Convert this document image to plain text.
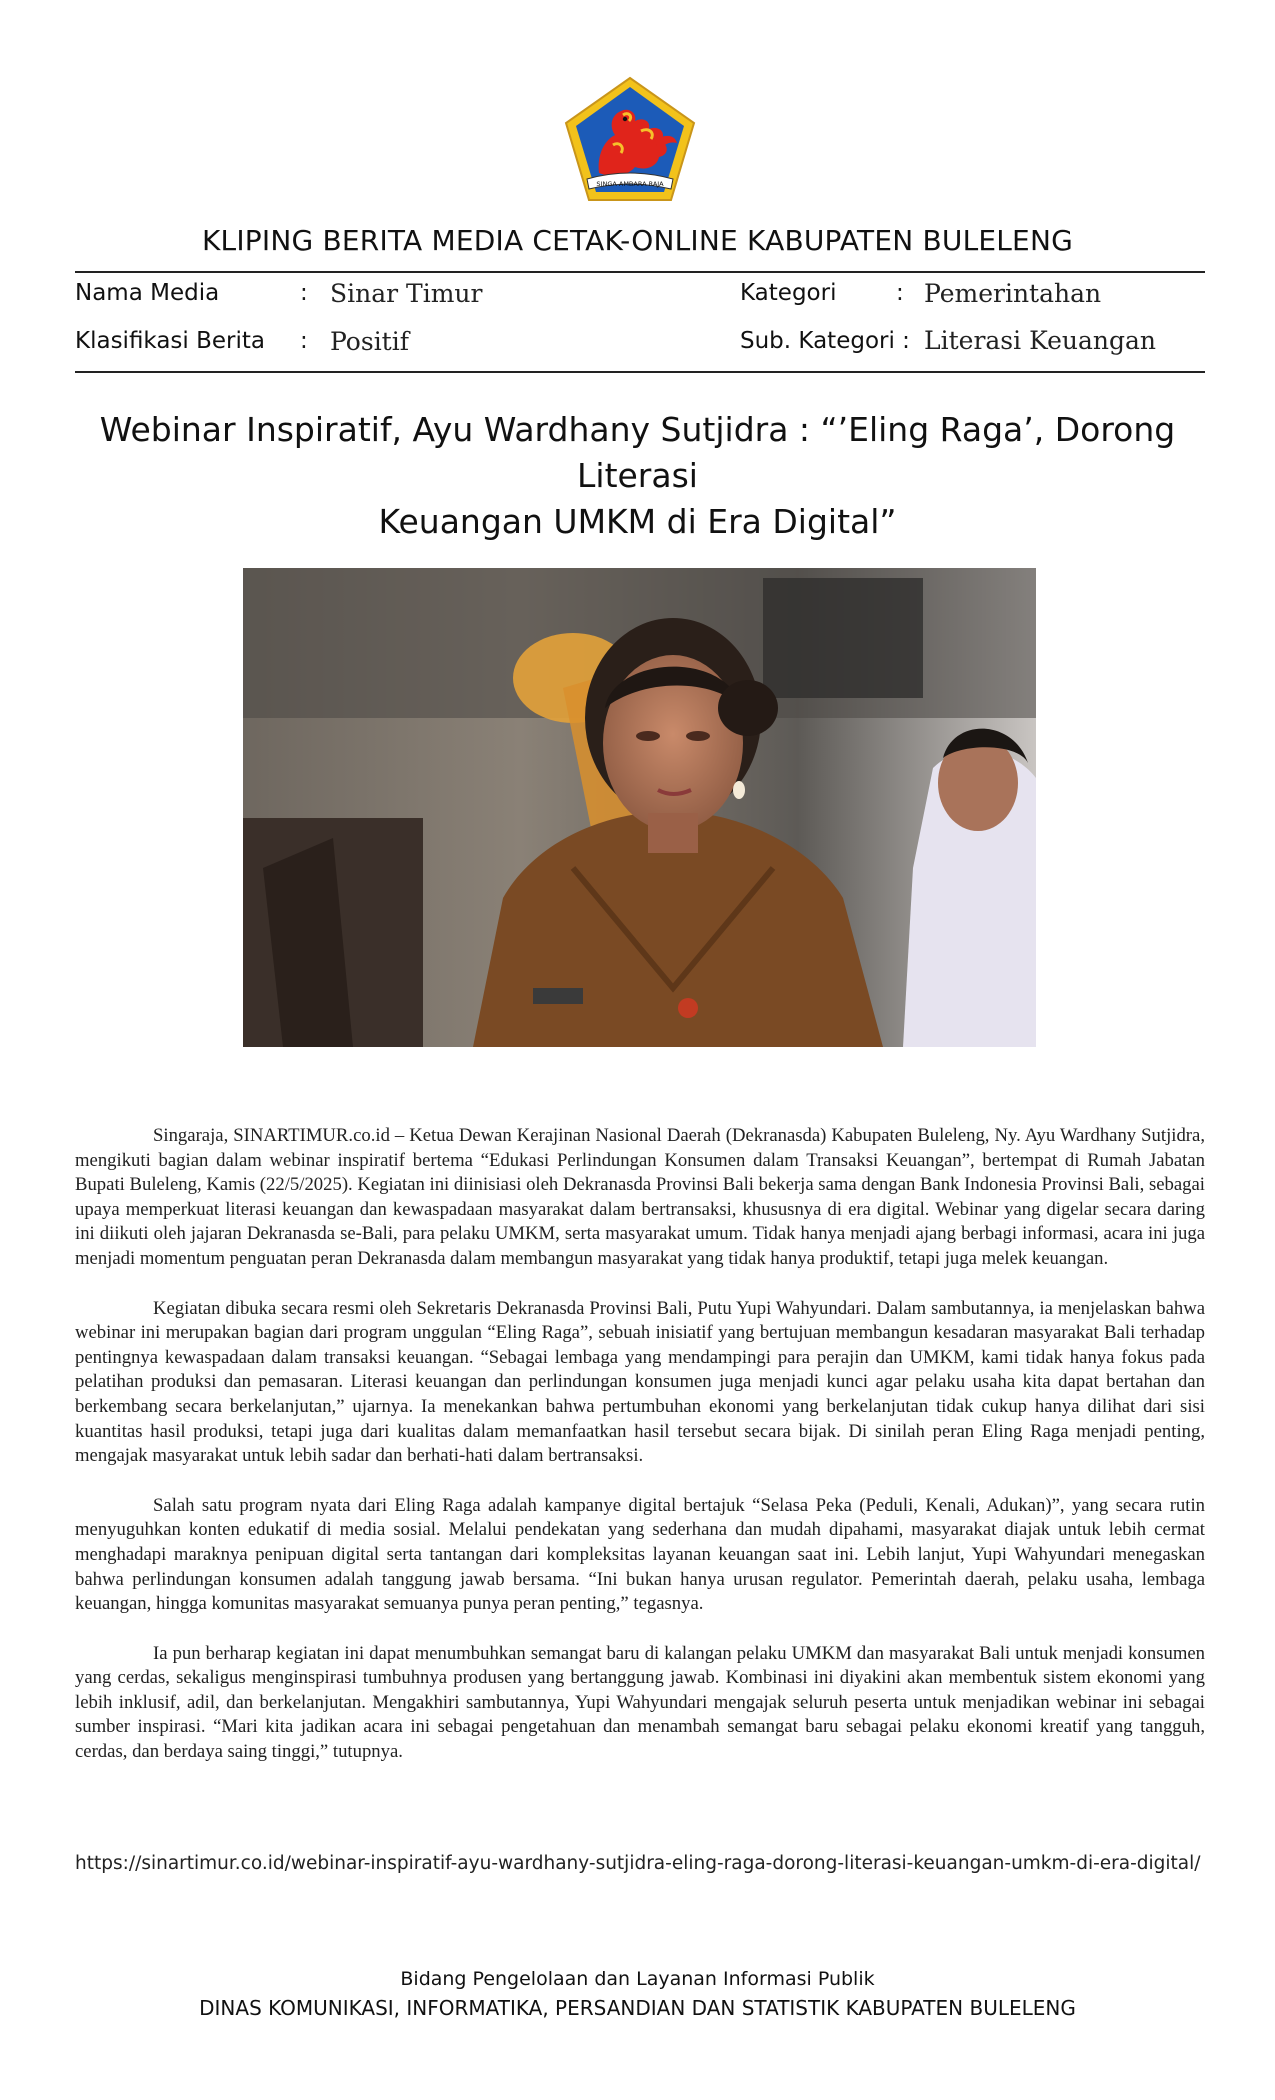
SINGA AMBARA RAJA
KLIPING BERITA MEDIA CETAK-ONLINE KABUPATEN BULELENG
Nama Media	: Sinar Timur
Klasifikasi Berita : Positif
Kategori	: Pemerintahan
Sub. Kategori : Literasi Keuangan
Webinar Inspiratif, Ayu Wardhany Sutjidra : “’Eling Raga’, Dorong Literasi
Keuangan UMKM di Era Digital”

Singaraja, SINARTIMUR.co.id – Ketua Dewan Kerajinan Nasional Daerah (Dekranasda) Kabupaten Buleleng, Ny. Ayu Wardhany Sutjidra, mengikuti bagian dalam webinar inspiratif bertema “Edukasi Perlindungan Konsumen dalam Transaksi Keuangan”, bertempat di Rumah Jabatan Bupati Buleleng, Kamis (22/5/2025). Kegiatan ini diinisiasi oleh Dekranasda Provinsi Bali bekerja sama dengan Bank Indonesia Provinsi Bali, sebagai upaya memperkuat literasi keuangan dan kewaspadaan masyarakat dalam bertransaksi, khususnya di era digital. Webinar yang digelar secara daring ini diikuti oleh jajaran Dekranasda se-Bali, para pelaku UMKM, serta masyarakat umum. Tidak hanya menjadi ajang berbagi informasi, acara ini juga menjadi momentum penguatan peran Dekranasda dalam membangun masyarakat yang tidak hanya produktif, tetapi juga melek keuangan.

Kegiatan dibuka secara resmi oleh Sekretaris Dekranasda Provinsi Bali, Putu Yupi Wahyundari. Dalam sambutannya, ia menjelaskan bahwa webinar ini merupakan bagian dari program unggulan “Eling Raga”, sebuah inisiatif yang bertujuan membangun kesadaran masyarakat Bali terhadap pentingnya kewaspadaan dalam transaksi keuangan. “Sebagai lembaga yang mendampingi para perajin dan UMKM, kami tidak hanya fokus pada pelatihan produksi dan pemasaran. Literasi keuangan dan perlindungan konsumen juga menjadi kunci agar pelaku usaha kita dapat bertahan dan berkembang secara berkelanjutan,” ujarnya. Ia menekankan bahwa pertumbuhan ekonomi yang berkelanjutan tidak cukup hanya dilihat dari sisi kuantitas hasil produksi, tetapi juga dari kualitas dalam memanfaatkan hasil tersebut secara bijak. Di sinilah peran Eling Raga menjadi penting, mengajak masyarakat untuk lebih sadar dan berhati-hati dalam bertransaksi.

Salah satu program nyata dari Eling Raga adalah kampanye digital bertajuk “Selasa Peka (Peduli, Kenali, Adukan)”, yang secara rutin menyuguhkan konten edukatif di media sosial. Melalui pendekatan yang sederhana dan mudah dipahami, masyarakat diajak untuk lebih cermat menghadapi maraknya penipuan digital serta tantangan dari kompleksitas layanan keuangan saat ini. Lebih lanjut, Yupi Wahyundari menegaskan bahwa perlindungan konsumen adalah tanggung jawab bersama. “Ini bukan hanya urusan regulator. Pemerintah daerah, pelaku usaha, lembaga keuangan, hingga komunitas masyarakat semuanya punya peran penting,” tegasnya.

Ia pun berharap kegiatan ini dapat menumbuhkan semangat baru di kalangan pelaku UMKM dan masyarakat Bali untuk menjadi konsumen yang cerdas, sekaligus menginspirasi tumbuhnya produsen yang bertanggung jawab. Kombinasi ini diyakini akan membentuk sistem ekonomi yang lebih inklusif, adil, dan berkelanjutan. Mengakhiri sambutannya, Yupi Wahyundari mengajak seluruh peserta untuk menjadikan webinar ini sebagai sumber inspirasi. “Mari kita jadikan acara ini sebagai pengetahuan dan menambah semangat baru sebagai pelaku ekonomi kreatif yang tangguh, cerdas, dan berdaya saing tinggi,” tutupnya.

https://sinartimur.co.id/webinar-inspiratif-ayu-wardhany-sutjidra-eling-raga-dorong-literasi-keuangan-umkm-di-era-digital/
Bidang Pengelolaan dan Layanan Informasi Publik
DINAS KOMUNIKASI, INFORMATIKA, PERSANDIAN DAN STATISTIK KABUPATEN BULELENG
